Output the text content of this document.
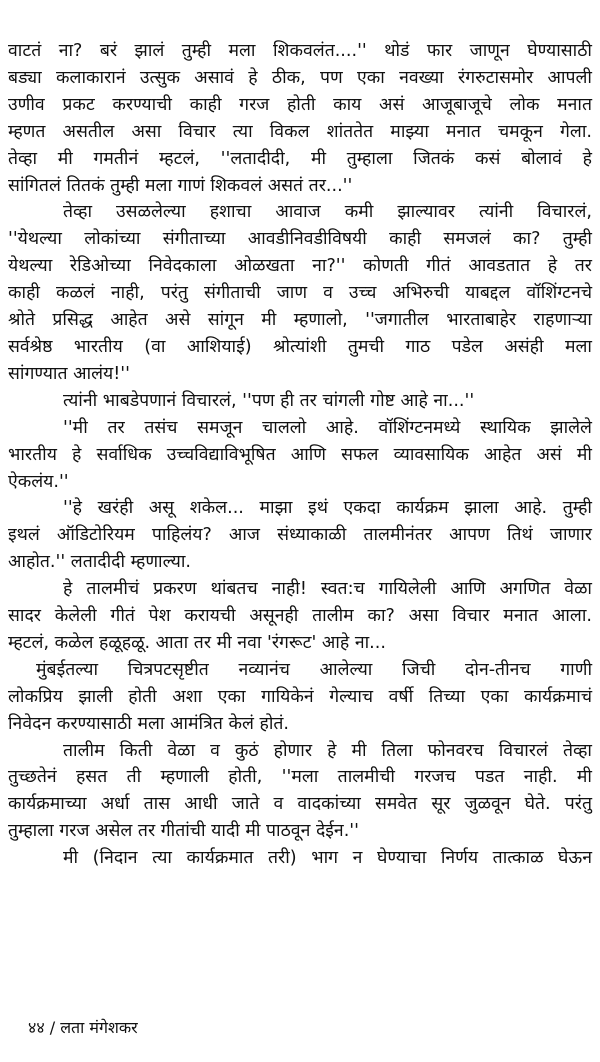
वाटतं ना? बरं झालं तुम्ही मला शिकवलंत....'' थोडं फार जाणून घेण्यासाठी
बड्या कलाकारानं उत्सुक असावं हे ठीक, पण एका नवख्या रंगरुटासमोर आपली
उणीव प्रकट करण्याची काही गरज होती काय असं आजूबाजूचे लोक मनात
म्हणत असतील असा विचार त्या विकल शांततेत माझ्या मनात चमकून गेला.
तेव्हा मी गमतीनं म्हटलं, ''लतादीदी, मी तुम्हाला जितकं कसं बोलावं हे
सांगितलं तितकं तुम्ही मला गाणं शिकवलं असतं तर...''
तेव्हा उसळलेल्या हशाचा आवाज कमी झाल्यावर त्यांनी विचारलं,
''येथल्या लोकांच्या संगीताच्या आवडीनिवडीविषयी काही समजलं का? तुम्ही
येथल्या रेडिओच्या निवेदकाला ओळखता ना?'' कोणती गीतं आवडतात हे तर
काही कळलं नाही, परंतु संगीताची जाण व उच्च अभिरुची याबद्दल वॉशिंग्टनचे
श्रोते प्रसिद्ध आहेत असे सांगून मी म्हणालो, ''जगातील भारताबाहेर राहणाऱ्या
सर्वश्रेष्ठ भारतीय (वा आशियाई) श्रोत्यांशी तुमची गाठ पडेल असंही मला
सांगण्यात आलंय!''
त्यांनी भाबडेपणानं विचारलं, ''पण ही तर चांगली गोष्ट आहे ना...''
''मी तर तसंच समजून चाललो आहे. वॉशिंग्टनमध्ये स्थायिक झालेले
भारतीय हे सर्वाधिक उच्चविद्याविभूषित आणि सफल व्यावसायिक आहेत असं मी
ऐकलंय.''
''हे खरंही असू शकेल... माझा इथं एकदा कार्यक्रम झाला आहे. तुम्ही
इथलं ऑडिटोरियम पाहिलंय? आज संध्याकाळी तालमीनंतर आपण तिथं जाणार
आहोत.'' लतादीदी म्हणाल्या.
हे तालमीचं प्रकरण थांबतच नाही! स्वत:च गायिलेली आणि अगणित वेळा
सादर केलेली गीतं पेश करायची असूनही तालीम का? असा विचार मनात आला.
म्हटलं, कळेल हळूहळू. आता तर मी नवा 'रंगरूट' आहे ना...
मुंबईतल्या चित्रपटसृष्टीत नव्यानंच आलेल्या जिची दोन-तीनच गाणी
लोकप्रिय झाली होती अशा एका गायिकेनं गेल्याच वर्षी तिच्या एका कार्यक्रमाचं
निवेदन करण्यासाठी मला आमंत्रित केलं होतं.
तालीम किती वेळा व कुठं होणार हे मी तिला फोनवरच विचारलं तेव्हा
तुच्छतेनं हसत ती म्हणाली होती, ''मला तालमीची गरजच पडत नाही. मी
कार्यक्रमाच्या अर्धा तास आधी जाते व वादकांच्या समवेत सूर जुळवून घेते. परंतु
तुम्हाला गरज असेल तर गीतांची यादी मी पाठवून देईन.''
मी (निदान त्या कार्यक्रमात तरी) भाग न घेण्याचा निर्णय तात्काळ घेऊन
४४ / लता मंगेशकर
